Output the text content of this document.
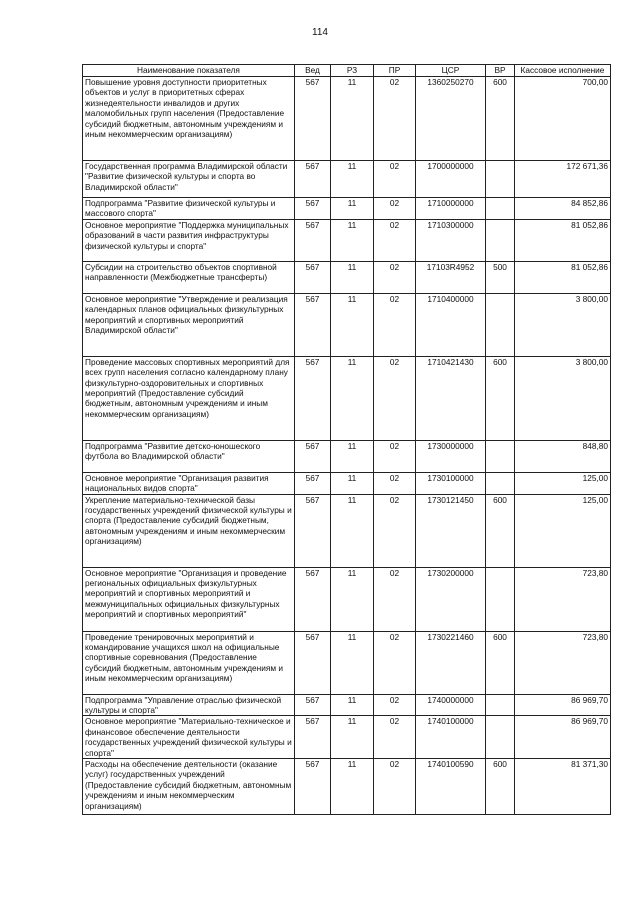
114
Наименование показателя	Вед	РЗ	ПР	ЦСР	ВР	Кассовое исполнение
Повышение уровня доступности приоритетных объектов и услуг в приоритетных сферах жизнедеятельности инвалидов и других маломобильных групп населения (Предоставление субсидий бюджетным, автономным учреждениям и иным некоммерческим организациям)	567	11	02	1360250270	600	700,00
Государственная программа Владимирской области "Развитие физической культуры и спорта во Владимирской области"	567	11	02	1700000000		172 671,36
Подпрограмма "Развитие физической культуры и массового спорта"	567	11	02	1710000000		84 852,86
Основное мероприятие "Поддержка муниципальных образований в части развития инфраструктуры физической культуры и спорта"	567	11	02	1710300000		81 052,86
Субсидии на строительство объектов спортивной направленности (Межбюджетные трансферты)	567	11	02	17103R4952	500	81 052,86
Основное мероприятие "Утверждение и реализация календарных планов официальных физкультурных мероприятий и спортивных мероприятий Владимирской области"	567	11	02	1710400000		3 800,00
Проведение массовых спортивных мероприятий для всех групп населения согласно календарному плану физкультурно-оздоровительных и спортивных мероприятий (Предоставление субсидий бюджетным, автономным учреждениям и иным некоммерческим организациям)	567	11	02	1710421430	600	3 800,00
Подпрограмма "Развитие детско-юношеского футбола во Владимирской области"	567	11	02	1730000000		848,80
Основное мероприятие "Организация развития национальных видов спорта"	567	11	02	1730100000		125,00
Укрепление материально-технической базы государственных учреждений физической культуры и спорта (Предоставление субсидий бюджетным, автономным учреждениям и иным некоммерческим организациям)	567	11	02	1730121450	600	125,00
Основное мероприятие "Организация и проведение региональных официальных физкультурных мероприятий и спортивных мероприятий и межмуниципальных официальных физкультурных мероприятий и спортивных мероприятий"	567	11	02	1730200000		723,80
Проведение тренировочных мероприятий и командирование учащихся школ на официальные спортивные соревнования (Предоставление субсидий бюджетным, автономным учреждениям и иным некоммерческим организациям)	567	11	02	1730221460	600	723,80
Подпрограмма "Управление отраслью физической культуры и спорта"	567	11	02	1740000000		86 969,70
Основное мероприятие "Материально-техническое и финансовое обеспечение деятельности государственных учреждений физической культуры и спорта"	567	11	02	1740100000		86 969,70
Расходы на обеспечение деятельности (оказание услуг) государственных учреждений (Предоставление субсидий бюджетным, автономным учреждениям и иным некоммерческим организациям)	567	11	02	1740100590	600	81 371,30
